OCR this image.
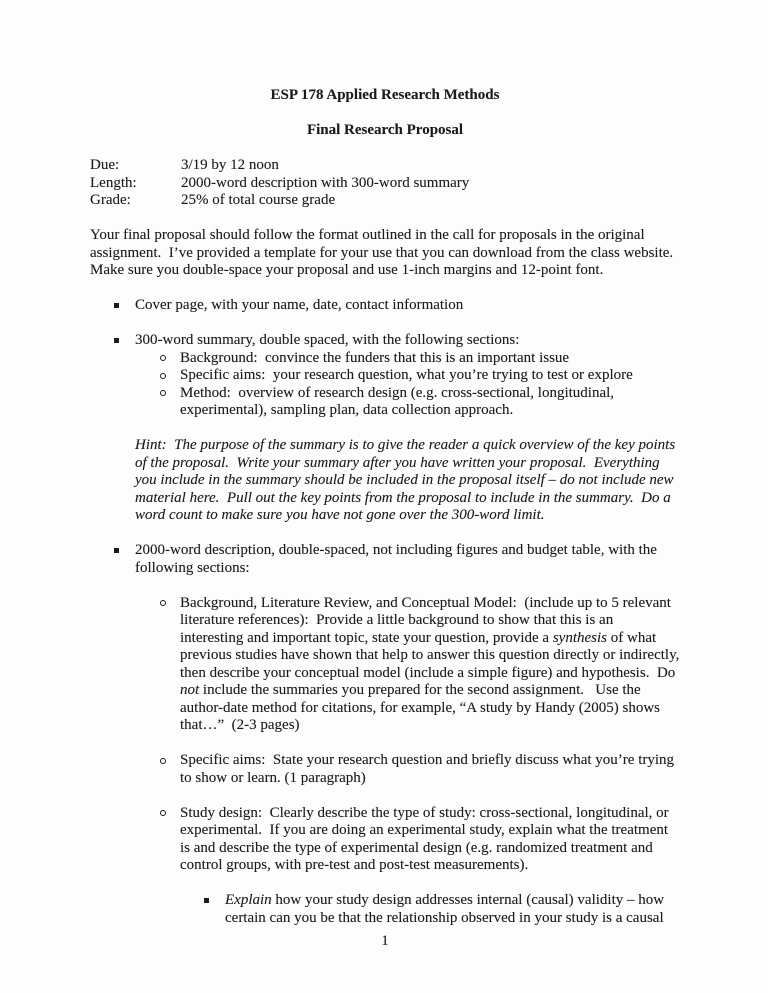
ESP 178 Applied Research Methods
Final Research Proposal
Due:	3/19 by 12 noon
Length:	2000-word description with 300-word summary
Grade:	25% of total course grade
Your final proposal should follow the format outlined in the call for proposals in the original assignment.  I’ve provided a template for your use that you can download from the class website.  Make sure you double-space your proposal and use 1-inch margins and 12-point font.
Cover page, with your name, date, contact information
300-word summary, double spaced, with the following sections:
Background:  convince the funders that this is an important issue
Specific aims:  your research question, what you’re trying to test or explore
Method:  overview of research design (e.g. cross-sectional, longitudinal, experimental), sampling plan, data collection approach.
Hint:  The purpose of the summary is to give the reader a quick overview of the key points of the proposal.  Write your summary after you have written your proposal.  Everything you include in the summary should be included in the proposal itself – do not include new material here.  Pull out the key points from the proposal to include in the summary.  Do a word count to make sure you have not gone over the 300-word limit.
2000-word description, double-spaced, not including figures and budget table, with the following sections:
Background, Literature Review, and Conceptual Model:  (include up to 5 relevant literature references):  Provide a little background to show that this is an interesting and important topic, state your question, provide a synthesis of what previous studies have shown that help to answer this question directly or indirectly, then describe your conceptual model (include a simple figure) and hypothesis.  Do not include the summaries you prepared for the second assignment.   Use the author-date method for citations, for example, “A study by Handy (2005) shows that…”  (2-3 pages)
Specific aims:  State your research question and briefly discuss what you’re trying to show or learn. (1 paragraph)
Study design:  Clearly describe the type of study: cross-sectional, longitudinal, or experimental.  If you are doing an experimental study, explain what the treatment is and describe the type of experimental design (e.g. randomized treatment and control groups, with pre-test and post-test measurements).
Explain how your study design addresses internal (causal) validity – how certain can you be that the relationship observed in your study is a causal
1
